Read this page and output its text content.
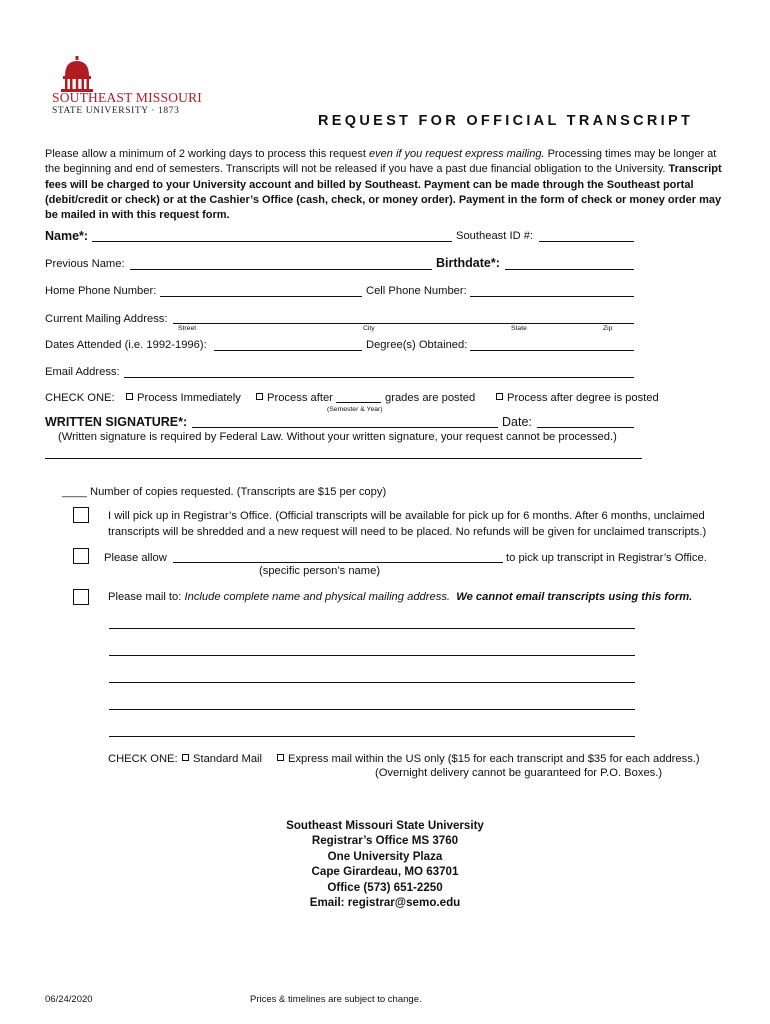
SOUTHEAST MISSOURI
STATE UNIVERSITY · 1873
REQUEST FOR OFFICIAL TRANSCRIPT
Please allow a minimum of 2 working days to process this request even if you request express mailing. Processing times may be longer at the beginning and end of semesters. Transcripts will not be released if you have a past due financial obligation to the University. Transcript fees will be charged to your University account and billed by Southeast. Payment can be made through the Southeast portal (debit/credit or check) or at the Cashier’s Office (cash, check, or money order). Payment in the form of check or money order may be mailed in with this request form.
Name*:	Southeast ID #:
Previous Name:	Birthdate*:
Home Phone Number:	Cell Phone Number:
Current Mailing Address:
Street	City	State	Zip
Dates Attended (i.e. 1992-1996):	Degree(s) Obtained:
Email Address:
CHECK ONE:	Process Immediately	Process after	grades are posted
(Semester & Year)
Process after degree is posted
WRITTEN SIGNATURE*:	Date:
(Written signature is required by Federal Law. Without your written signature, your request cannot be processed.)
____ Number of copies requested. (Transcripts are $15 per copy)
I will pick up in Registrar’s Office. (Official transcripts will be available for pick up for 6 months. After 6 months, unclaimed transcripts will be shredded and a new request will need to be placed. No refunds will be given for unclaimed transcripts.)
Please allow	to pick up transcript in Registrar’s Office.
(specific person’s name)
Please mail to: Include complete name and physical mailing address. We cannot email transcripts using this form.
CHECK ONE:	Standard Mail	Express mail within the US only ($15 for each transcript and $35 for each address.)
(Overnight delivery cannot be guaranteed for P.O. Boxes.)
Southeast Missouri State University
Registrar’s Office MS 3760
One University Plaza
Cape Girardeau, MO 63701
Office (573) 651-2250
Email: registrar@semo.edu
06/24/2020	Prices & timelines are subject to change.
